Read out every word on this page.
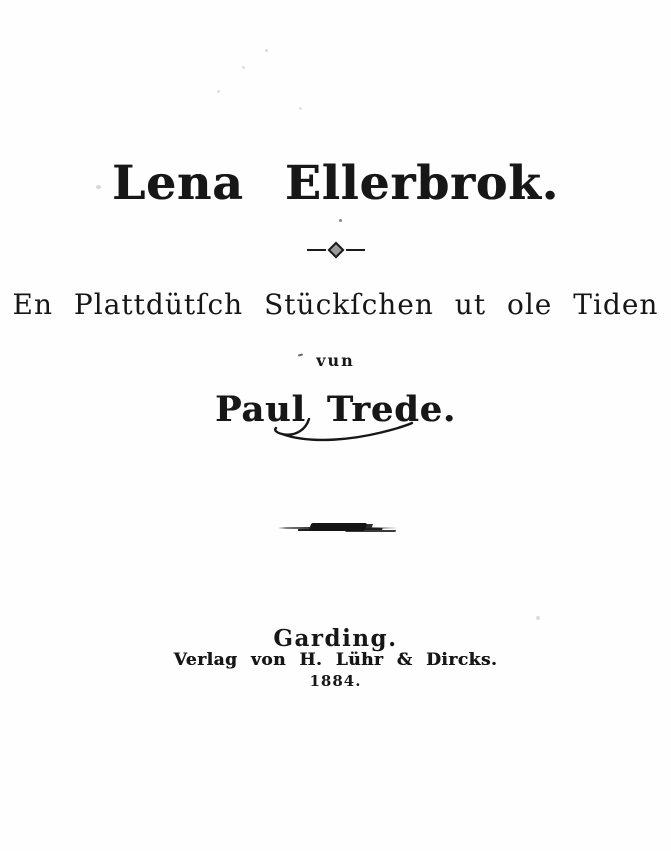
Lena Ellerbrok.
En Plattdütſch Stückſchen ut ole Tiden
vun
Paul Trede.
Garding.
Verlag von H. Lühr & Dircks.
1884.
